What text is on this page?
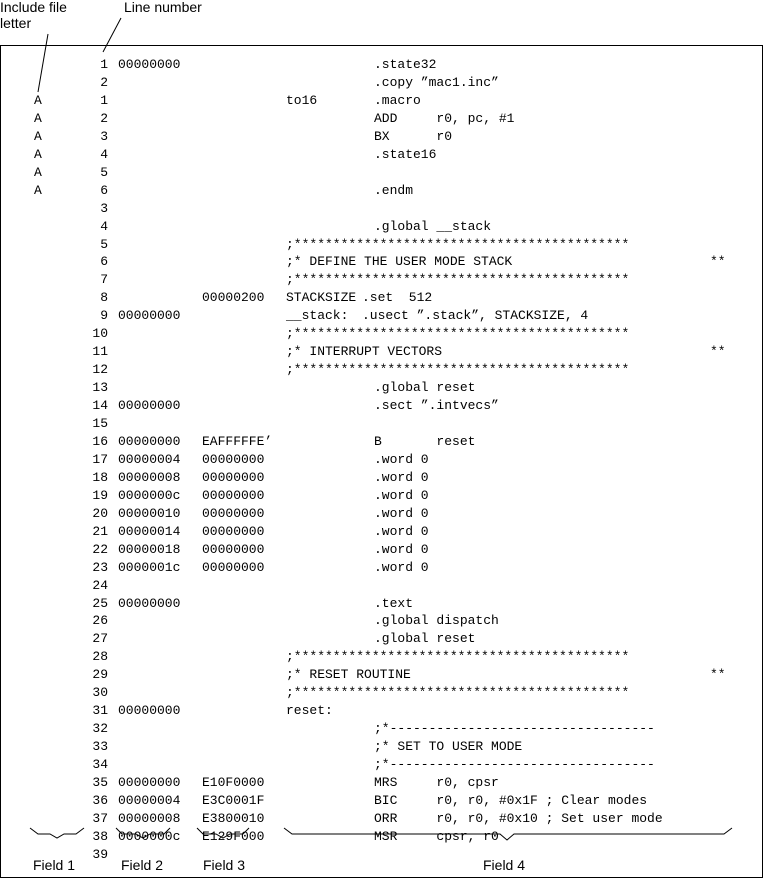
Include file
letter
Line number
1 00000000	.state32
2	.copy ”mac1.inc”
A	1	to16	.macro
A	2	ADD     r0, pc, #1
A	3	BX      r0
A	4	.state16
A	5
A	6	.endm
3
4	.global __stack
5	;*******************************************
6	;* DEFINE THE USER MODE STACK	**
7	;*******************************************
8	00000200 STACKSIZE .set  512
9 00000000	__stack: .usect ”.stack”, STACKSIZE, 4
10	;*******************************************
11	;* INTERRUPT VECTORS	**
12	;*******************************************
13	.global reset
14 00000000	.sect ”.intvecs”
15
16 00000000 EAFFFFFE’	B       reset
17 00000004 00000000	.word 0
18 00000008 00000000	.word 0
19 0000000c 00000000	.word 0
20 00000010 00000000	.word 0
21 00000014 00000000	.word 0
22 00000018 00000000	.word 0
23 0000001c 00000000	.word 0
24
25 00000000	.text
26	.global dispatch
27	.global reset
28	;*******************************************
29	;* RESET ROUTINE	**
30	;*******************************************
31 00000000	reset:
32	;*----------------------------------
33	;* SET TO USER MODE
34	;*----------------------------------
35 00000000 E10F0000	MRS     r0, cpsr
36 00000004 E3C0001F	BIC     r0, r0, #0x1F ; Clear modes
37 00000008 E3800010	ORR     r0, r0, #0x10 ; Set user mode
38 0000000c E129F000	MSR     cpsr, r0
39
Field 1	Field 2	Field 3	Field 4
